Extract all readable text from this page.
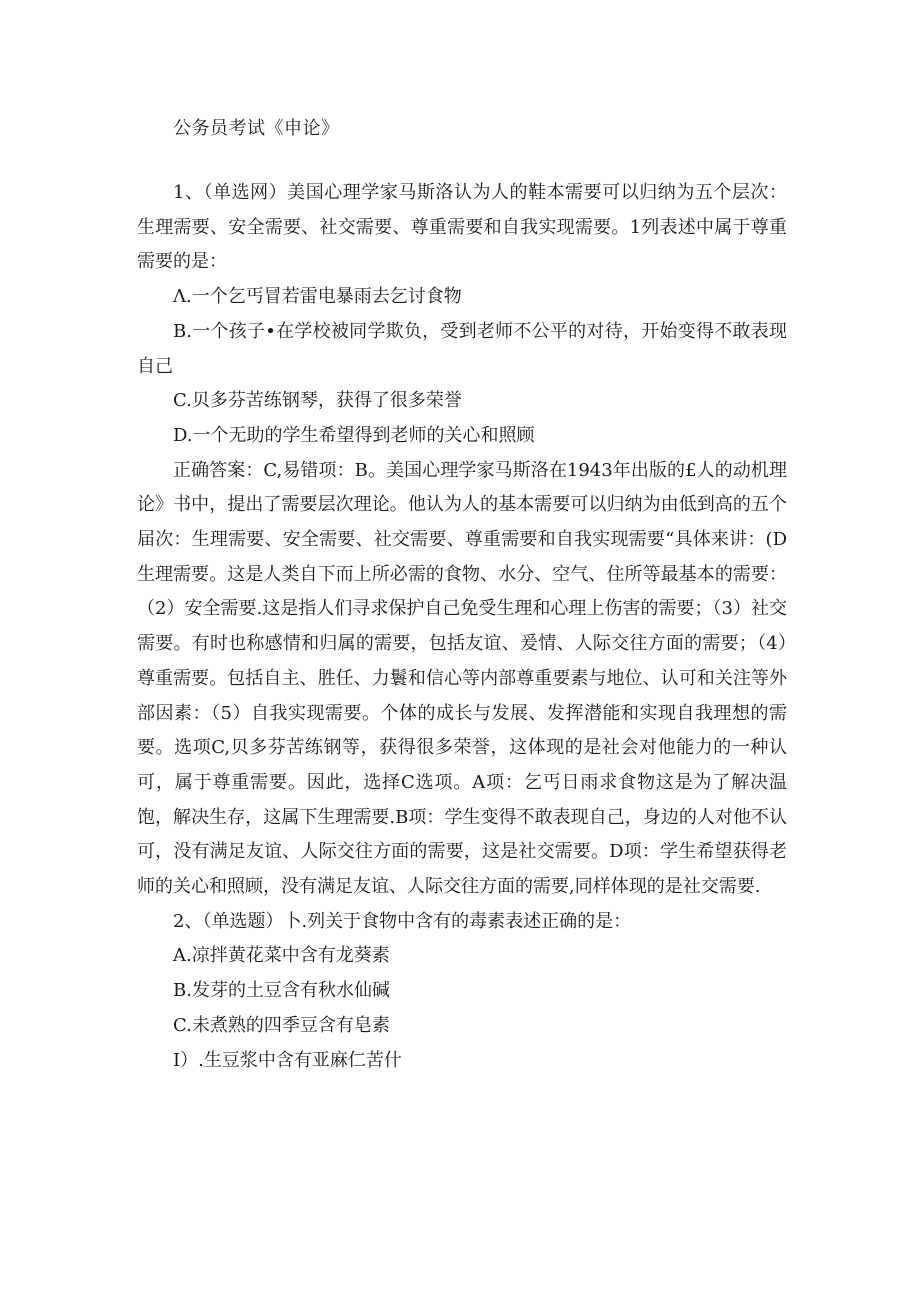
公务员考试《申论》

1、（单选网）美国心理学家马斯洛认为人的鞋本需要可以归纳为五个层次：生理需要、安全需要、社交需要、尊重需要和自我实现需要。1列表述中属于尊重需要的是：

Λ.一个乞丐冒若雷电暴雨去乞讨食物

B.一个孩子•在学校被同学欺负，受到老师不公平的对待，开始变得不敢表现自己

C.贝多芬苦练钢琴，获得了很多荣誉

D.一个无助的学生希望得到老师的关心和照顾

正确答案：C,易错项：B。美国心理学家马斯洛在1943年出版的£人的动机理论》书中，提出了需要层次理论。他认为人的基本需要可以归纳为由低到高的五个届次：生理需要、安全需要、社交需要、尊重需要和自我实现需要“具体来讲：(D生理需要。这是人类自下而上所必需的食物、水分、空气、住所等最基本的需要：（2）安全需要.这是指人们寻求保护自己免受生理和心理上伤害的需要；（3）社交需要。有时也称感情和归属的需要，包括友谊、爰情、人际交往方面的需要；（4）尊重需要。包括自主、胜任、力鬟和信心等内部尊重要素与地位、认可和关注等外部因素：（5）自我实现需要。个体的成长与发展、发挥潜能和实现自我理想的需要。选项C,贝多芬苦练钢等，获得很多荣誉，这体现的是社会对他能力的一种认可，属于尊重需要。因此，选择C选项。A项：乞丐日雨求食物这是为了解决温饱，解决生存，这属下生理需要.B项：学生变得不敢表现自己，身边的人对他不认可，没有满足友谊、人际交往方面的需要，这是社交需要。D项：学生希望获得老师的关心和照顾，没有满足友谊、人际交往方面的需要,同样体现的是社交需要.

2、（单选题）卜.列关于食物中含有的毒素表述正确的是：

A.凉拌黄花菜中含有龙葵素

B.发芽的土豆含有秋水仙碱

C.未煮熟的四季豆含有皂素

I）.生豆浆中含有亚麻仁苦什
